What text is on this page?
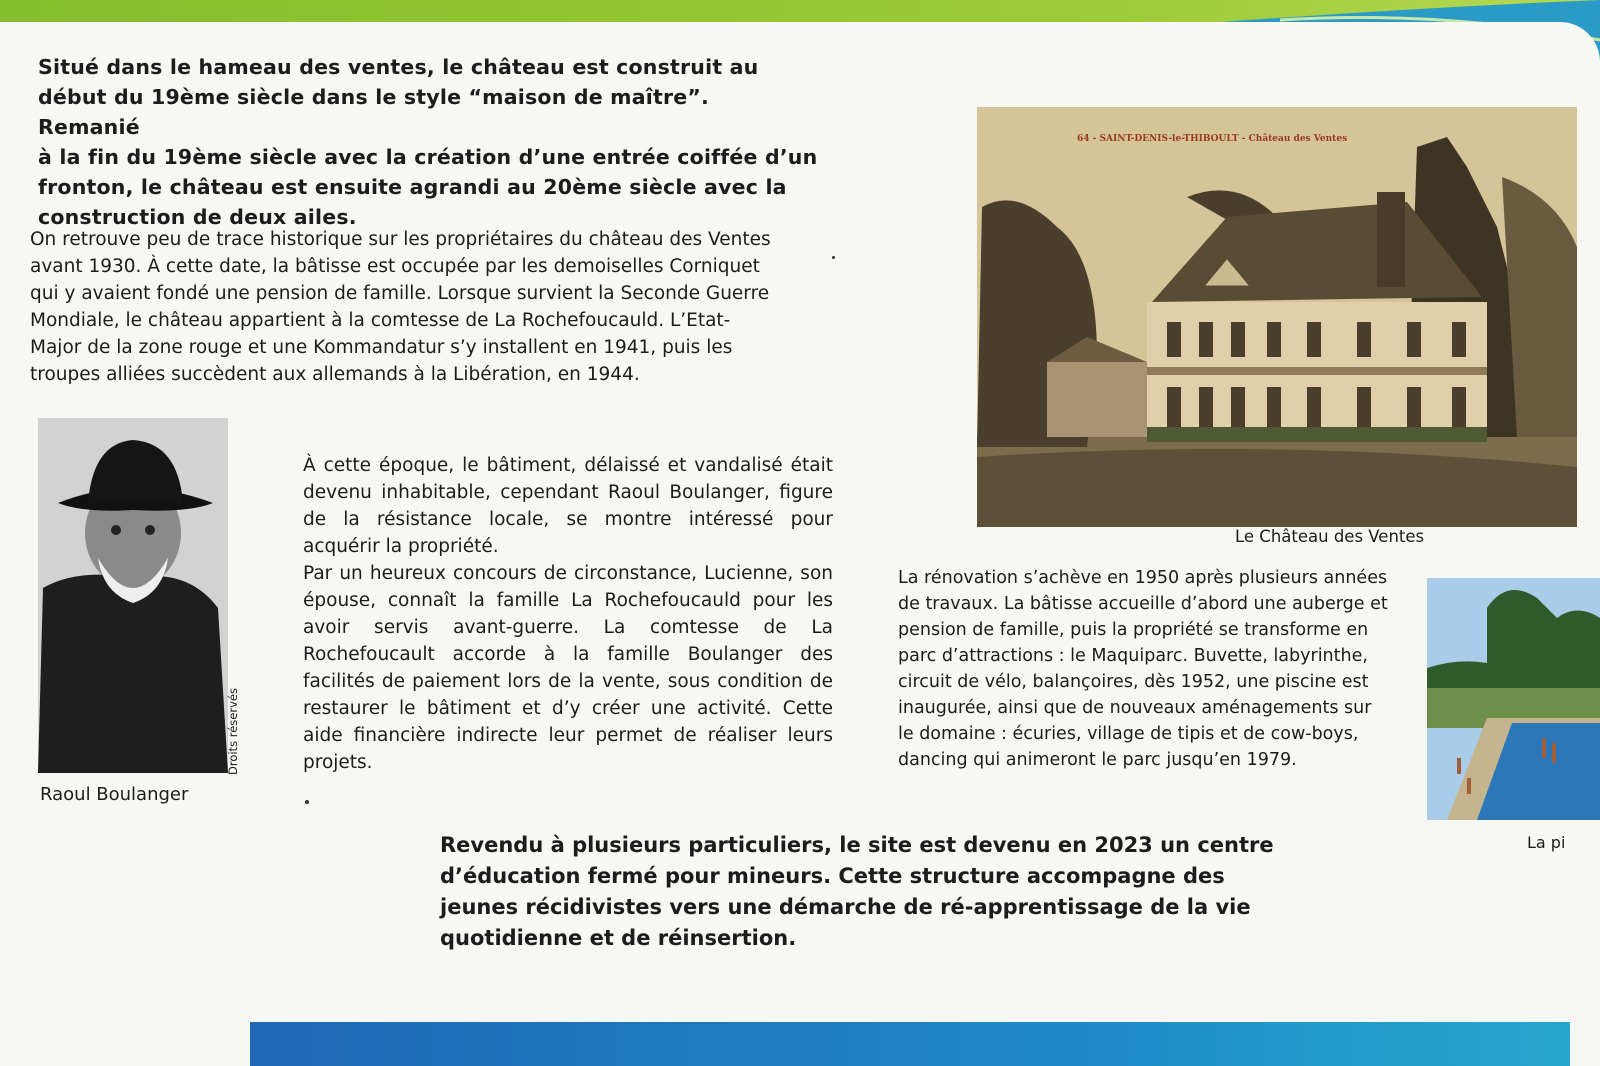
Situé dans le hameau des ventes, le château est construit au
début du 19ème siècle dans le style “maison de maître”. Remanié
à la fin du 19ème siècle avec la création d’une entrée coiffée d’un
fronton, le château est ensuite agrandi au 20ème siècle avec la
construction de deux ailes.
On retrouve peu de trace historique sur les propriétaires du château des Ventes
avant 1930. À cette date, la bâtisse est occupée par les demoiselles Corniquet
qui y avaient fondé une pension de famille. Lorsque survient la Seconde Guerre
Mondiale, le château appartient à la comtesse de La Rochefoucauld. L’Etat-
Major de la zone rouge et une Kommandatur s’y installent en 1941, puis les
troupes alliées succèdent aux allemands à la Libération, en 1944.
Droits réservés
Raoul Boulanger

À cette époque, le bâtiment, délaissé et vandalisé était devenu inhabitable, cependant Raoul Boulanger, figure de la résistance locale, se montre intéressé pour acquérir la propriété.

Par un heureux concours de circonstance, Lucienne, son épouse, connaît la famille La Rochefoucauld pour les avoir servis avant-guerre. La comtesse de La Rochefoucault accorde à la famille Boulanger des facilités de paiement lors de la vente, sous condition de restaurer le bâtiment et d’y créer une activité. Cette aide financière indirecte leur permet de réaliser leurs projets.

64 - SAINT-DENIS-le-THIBOULT - Château des Ventes
Le Château des Ventes
La rénovation s’achève en 1950 après plusieurs années
de travaux. La bâtisse accueille d’abord une auberge et
pension de famille, puis la propriété se transforme en
parc d’attractions : le Maquiparc. Buvette, labyrinthe,
circuit de vélo, balançoires, dès 1952, une piscine est
inaugurée, ainsi que de nouveaux aménagements sur
le domaine : écuries, village de tipis et de cow-boys,
dancing qui animeront le parc jusqu’en 1979.
La pi

Revendu à plusieurs particuliers, le site est devenu en 2023 un centre d’éducation fermé pour mineurs. Cette structure accompagne des jeunes récidivistes vers une démarche de ré-apprentissage de la vie quotidienne et de réinsertion.
